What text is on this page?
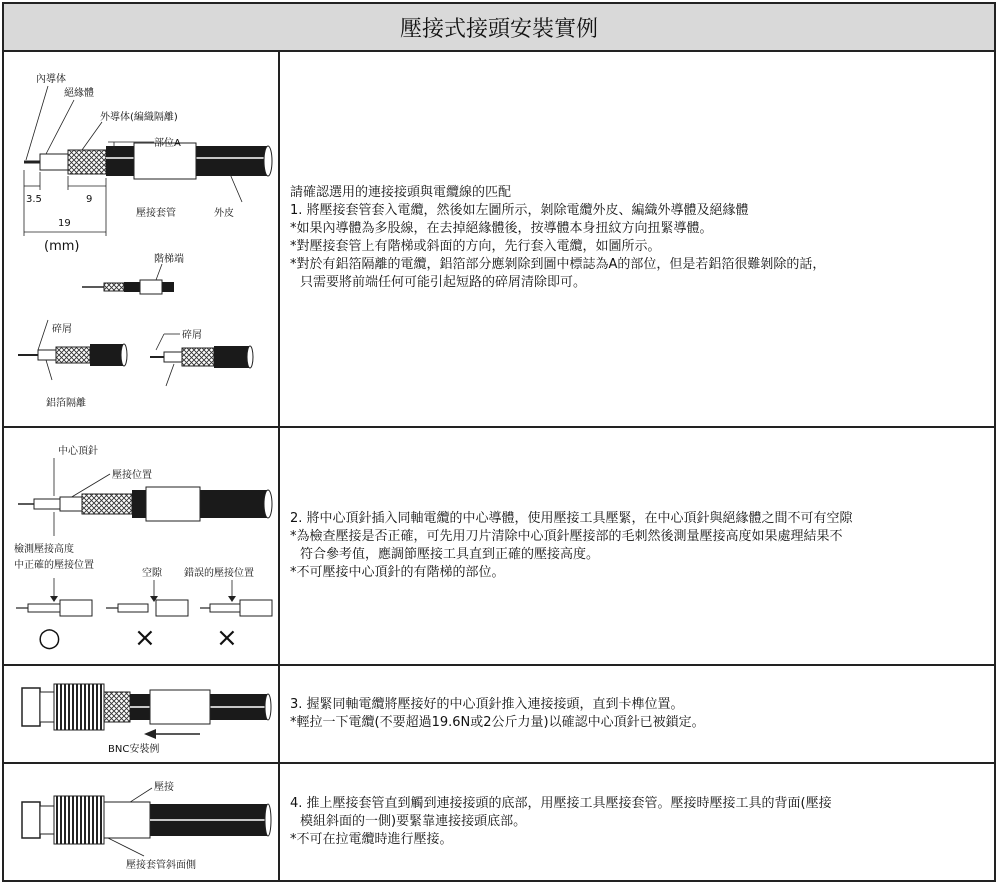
壓接式接頭安裝實例
內導体
絕緣體
外導体(編織隔離)
部位A
3.5	9
19
(mm)
壓接套管	外皮
階梯端
碎屑
鋁箔隔離
碎屑

請確認選用的連接接頭與電纜線的匹配

1. 將壓接套管套入電纜，然後如左圖所示，剝除電纜外皮、編織外導體及絕緣體

*如果內導體為多股線，在去掉絕緣體後，按導體本身扭紋方向扭緊導體。

*對壓接套管上有階梯或斜面的方向，先行套入電纜，如圖所示。

*對於有鋁箔隔離的電纜，鋁箔部分應剝除到圖中標誌為A的部位，但是若鋁箔很難剝除的話，

只需要將前端任何可能引起短路的碎屑清除即可。

中心頂針
壓接位置
檢測壓接高度
中正確的壓接位置
空隙 錯誤的壓接位置
○	× ×

2. 將中心頂針插入同軸電纜的中心導體，使用壓接工具壓緊，在中心頂針與絕緣體之間不可有空隙

*為檢查壓接是否正確，可先用刀片清除中心頂針壓接部的毛刺然後測量壓接高度如果處理結果不

符合參考值，應調節壓接工具直到正確的壓接高度。

*不可壓接中心頂針的有階梯的部位。

BNC安裝例

3. 握緊同軸電纜將壓接好的中心頂針推入連接接頭，直到卡榫位置。

*輕拉一下電纜(不要超過19.6N或2公斤力量)以確認中心頂針已被鎖定。

壓接
壓接套管斜面側

4. 推上壓接套管直到觸到連接接頭的底部，用壓接工具壓接套管。壓接時壓接工具的背面(壓接

模組斜面的一側)要緊靠連接接頭底部。

*不可在拉電纜時進行壓接。
